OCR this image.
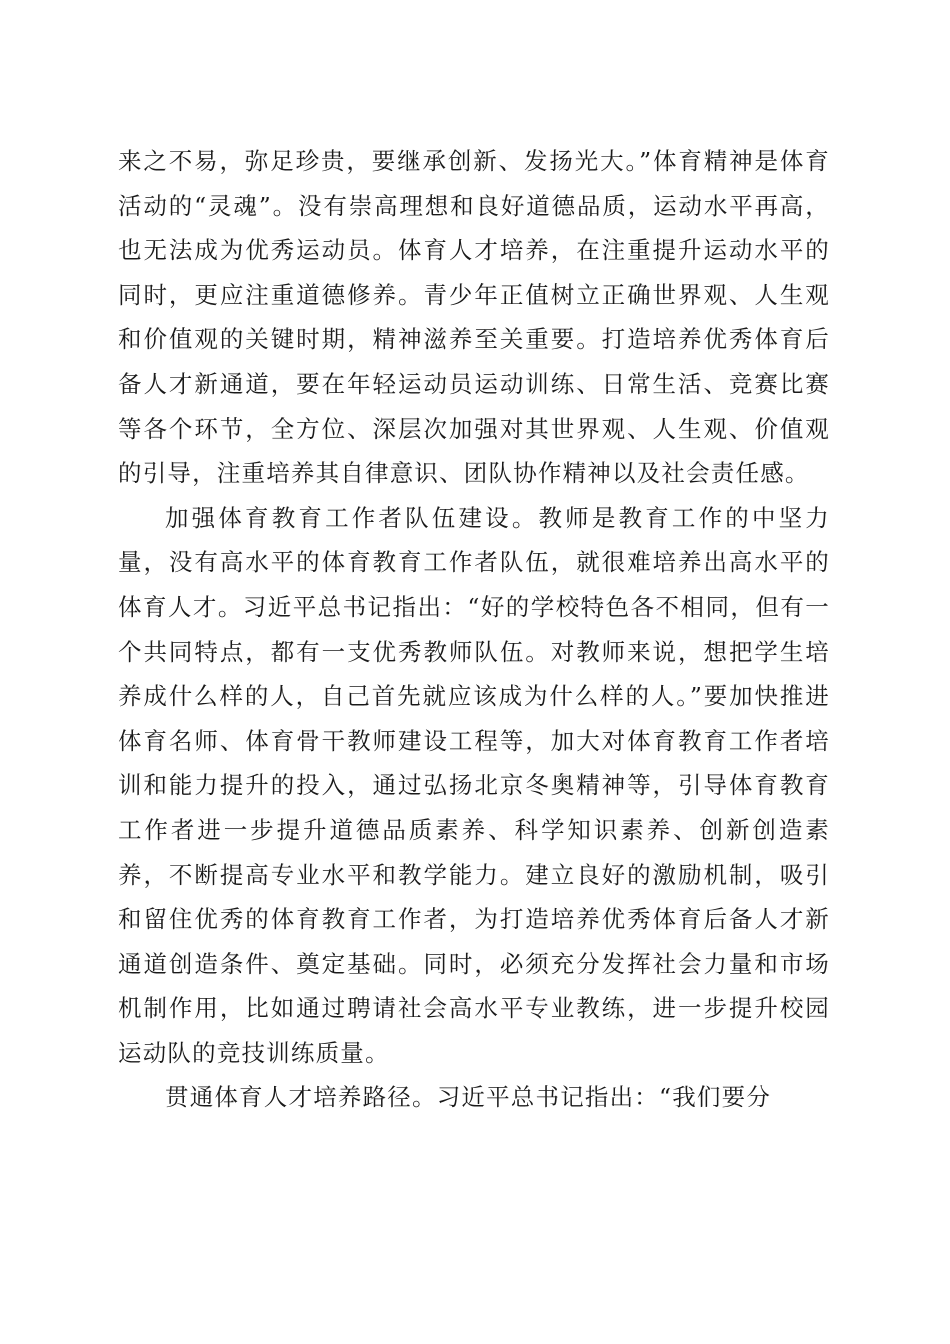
来之不易，弥足珍贵，要继承创新、发扬光大。”体育精神是体育活动的“灵魂”。没有崇高理想和良好道德品质，运动水平再高，也无法成为优秀运动员。体育人才培养，在注重提升运动水平的同时，更应注重道德修养。青少年正值树立正确世界观、人生观和价值观的关键时期，精神滋养至关重要。打造培养优秀体育后备人才新通道，要在年轻运动员运动训练、日常生活、竞赛比赛等各个环节，全方位、深层次加强对其世界观、人生观、价值观的引导，注重培养其自律意识、团队协作精神以及社会责任感。

加强体育教育工作者队伍建设。教师是教育工作的中坚力量，没有高水平的体育教育工作者队伍，就很难培养出高水平的体育人才。习近平总书记指出：“好的学校特色各不相同，但有一个共同特点，都有一支优秀教师队伍。对教师来说，想把学生培养成什么样的人，自己首先就应该成为什么样的人。”要加快推进体育名师、体育骨干教师建设工程等，加大对体育教育工作者培训和能力提升的投入，通过弘扬北京冬奥精神等，引导体育教育工作者进一步提升道德品质素养、科学知识素养、创新创造素养，不断提高专业水平和教学能力。建立良好的激励机制，吸引和留住优秀的体育教育工作者，为打造培养优秀体育后备人才新通道创造条件、奠定基础。同时，必须充分发挥社会力量和市场机制作用，比如通过聘请社会高水平专业教练，进一步提升校园运动队的竞技训练质量。

贯通体育人才培养路径。习近平总书记指出：“我们要分
